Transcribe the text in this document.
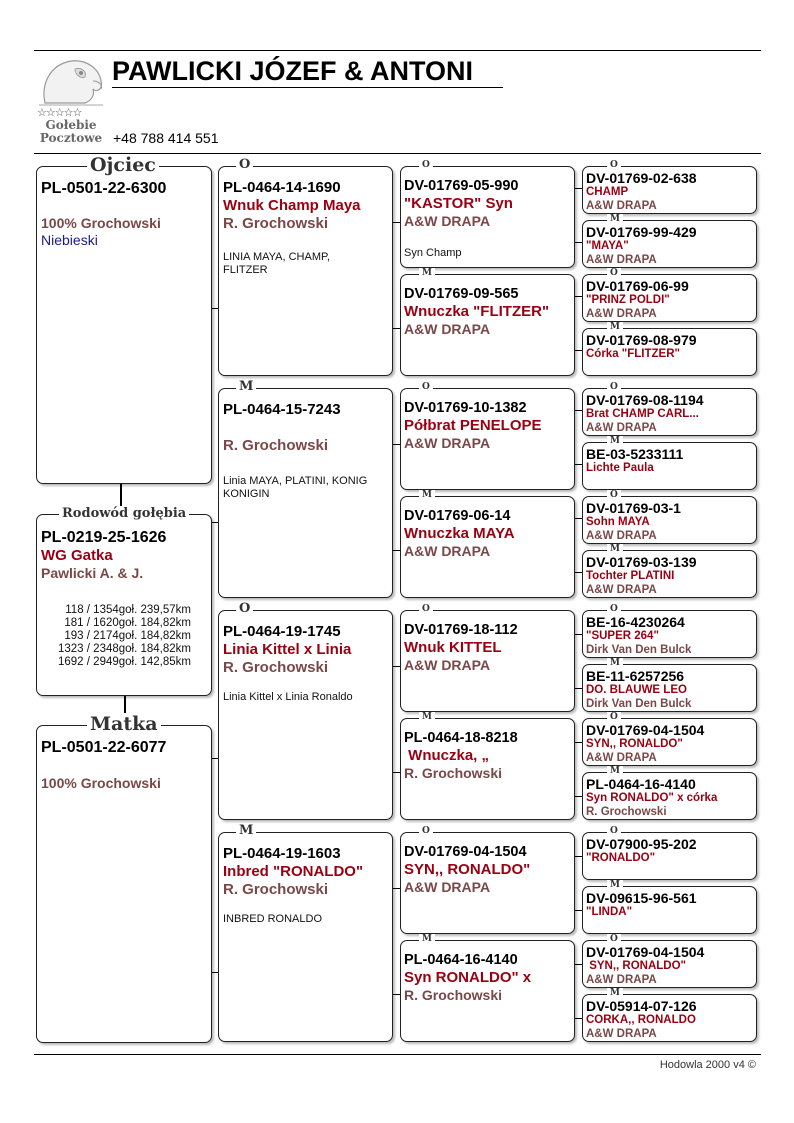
☆☆☆☆☆
Gołebie
Pocztowe
PAWLICKI JÓZEF & ANTONI
+48 788 414 551
Ojciec
PL-0501-22-6300
100% Grochowski
Niebieski
Rodowód gołębia
PL-0219-25-1626
WG Gatka
Pawlicki A. & J.
118 / 1354goł. 239,57km
181 / 1620goł. 184,82km
193 / 2174goł. 184,82km
1323 / 2348goł. 184,82km
1692 / 2949goł. 142,85km
Matka
PL-0501-22-6077
100% Grochowski
O
PL-0464-14-1690
Wnuk Champ Maya
R. Grochowski
LINIA MAYA, CHAMP, FLITZER
M
PL-0464-15-7243
R. Grochowski
Linia MAYA, PLATINI, KONIG KONIGIN
O
PL-0464-19-1745
Linia Kittel x Linia
R. Grochowski
Linia Kittel x Linia Ronaldo
M
PL-0464-19-1603
Inbred "RONALDO"
R. Grochowski
INBRED RONALDO
O
DV-01769-05-990
"KASTOR" Syn
A&W DRAPA
Syn Champ
M
DV-01769-09-565
Wnuczka "FLITZER"
A&W DRAPA
O
DV-01769-10-1382
Półbrat PENELOPE
A&W DRAPA
M
DV-01769-06-14
Wnuczka MAYA
A&W DRAPA
O
DV-01769-18-112
Wnuk KITTEL
A&W DRAPA
M
PL-0464-18-8218
Wnuczka, „
R. Grochowski
O
DV-01769-04-1504
SYN,, RONALDO"
A&W DRAPA
M
PL-0464-16-4140
Syn RONALDO" x
R. Grochowski
O
DV-01769-02-638
CHAMP
A&W DRAPA
M
DV-01769-99-429
"MAYA"
A&W DRAPA
O
DV-01769-06-99
"PRINZ POLDI"
A&W DRAPA
M
DV-01769-08-979
Córka "FLITZER"
O
DV-01769-08-1194
Brat CHAMP CARL...
A&W DRAPA
M
BE-03-5233111
Lichte Paula
O
DV-01769-03-1
Sohn MAYA
A&W DRAPA
M
DV-01769-03-139
Tochter PLATINI
A&W DRAPA
O
BE-16-4230264
"SUPER 264"
Dirk Van Den Bulck
M
BE-11-6257256
DO. BLAUWE LEO
Dirk Van Den Bulck
O
DV-01769-04-1504
SYN,, RONALDO"
A&W DRAPA
M
PL-0464-16-4140
Syn RONALDO" x córka
R. Grochowski
O
DV-07900-95-202
"RONALDO"
M
DV-09615-96-561
"LINDA"
O
DV-01769-04-1504
SYN,, RONALDO"
A&W DRAPA
M
DV-05914-07-126
CÓRKA,, RONALDO
A&W DRAPA
Hodowla 2000 v4 ©
